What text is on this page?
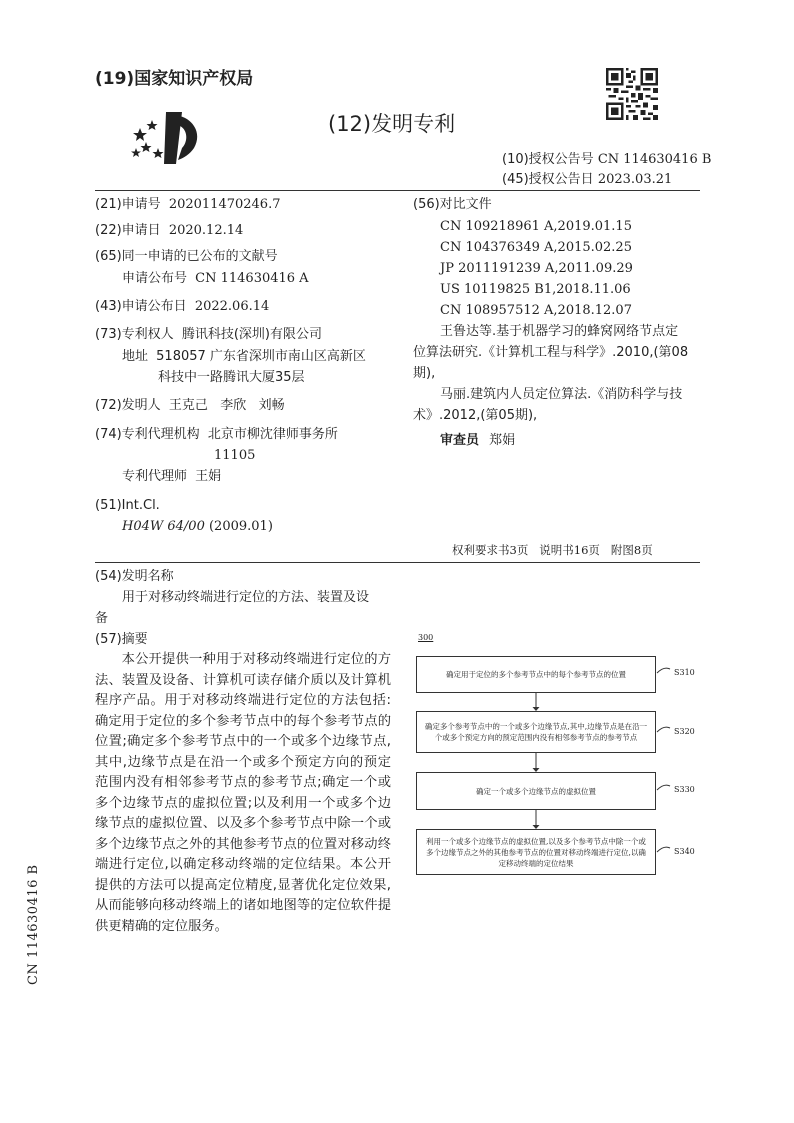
(19)国家知识产权局
(12)发明专利
(10)授权公告号 CN 114630416 B
(45)授权公告日 2023.03.21
(21)申请号 202011470246.7
(22)申请日 2020.12.14
(65)同一申请的已公布的文献号
申请公布号 CN 114630416 A
(43)申请公布日 2022.06.14
(73)专利权人 腾讯科技(深圳)有限公司
地址 518057 广东省深圳市南山区高新区
科技中一路腾讯大厦35层
(72)发明人 王克己   李欣   刘畅
(74)专利代理机构 北京市柳沈律师事务所
11105
专利代理师 王娟
(51)Int.Cl.
H04W 64/00 (2009.01)
(56)对比文件
CN 109218961 A,2019.01.15
CN 104376349 A,2015.02.25
JP 2011191239 A,2011.09.29
US 10119825 B1,2018.11.06
CN 108957512 A,2018.12.07
王鲁达等.基于机器学习的蜂窝网络节点定
位算法研究.《计算机工程与科学》.2010,(第08
期),
马丽.建筑内人员定位算法.《消防科学与技
术》.2012,(第05期),
审查员 郑娟
权利要求书3页   说明书16页   附图8页
(54)发明名称
用于对移动终端进行定位的方法、装置及设
备
(57)摘要
本公开提供一种用于对移动终端进行定位的方法、装置及设备、计算机可读存储介质以及计算机程序产品。用于对移动终端进行定位的方法包括:确定用于定位的多个参考节点中的每个参考节点的位置;确定多个参考节点中的一个或多个边缘节点,其中,边缘节点是在沿一个或多个预定方向的预定范围内没有相邻参考节点的参考节点;确定一个或多个边缘节点的虚拟位置;以及利用一个或多个边缘节点的虚拟位置、以及多个参考节点中除一个或多个边缘节点之外的其他参考节点的位置对移动终端进行定位,以确定移动终端的定位结果。本公开提供的方法可以提高定位精度,显著优化定位效果,从而能够向移动终端上的诸如地图等的定位软件提供更精确的定位服务。
CN 114630416 B
300
确定用于定位的多个参考节点中的每个参考节点的位置
确定多个参考节点中的一个或多个边缘节点,其中,边缘节点是在沿一个或多个预定方向的预定范围内没有相邻参考节点的参考节点
确定一个或多个边缘节点的虚拟位置
利用一个或多个边缘节点的虚拟位置,以及多个参考节点中除一个或多个边缘节点之外的其他参考节点的位置对移动终端进行定位,以确定移动终端的定位结果
S310
S320
S330
S340
